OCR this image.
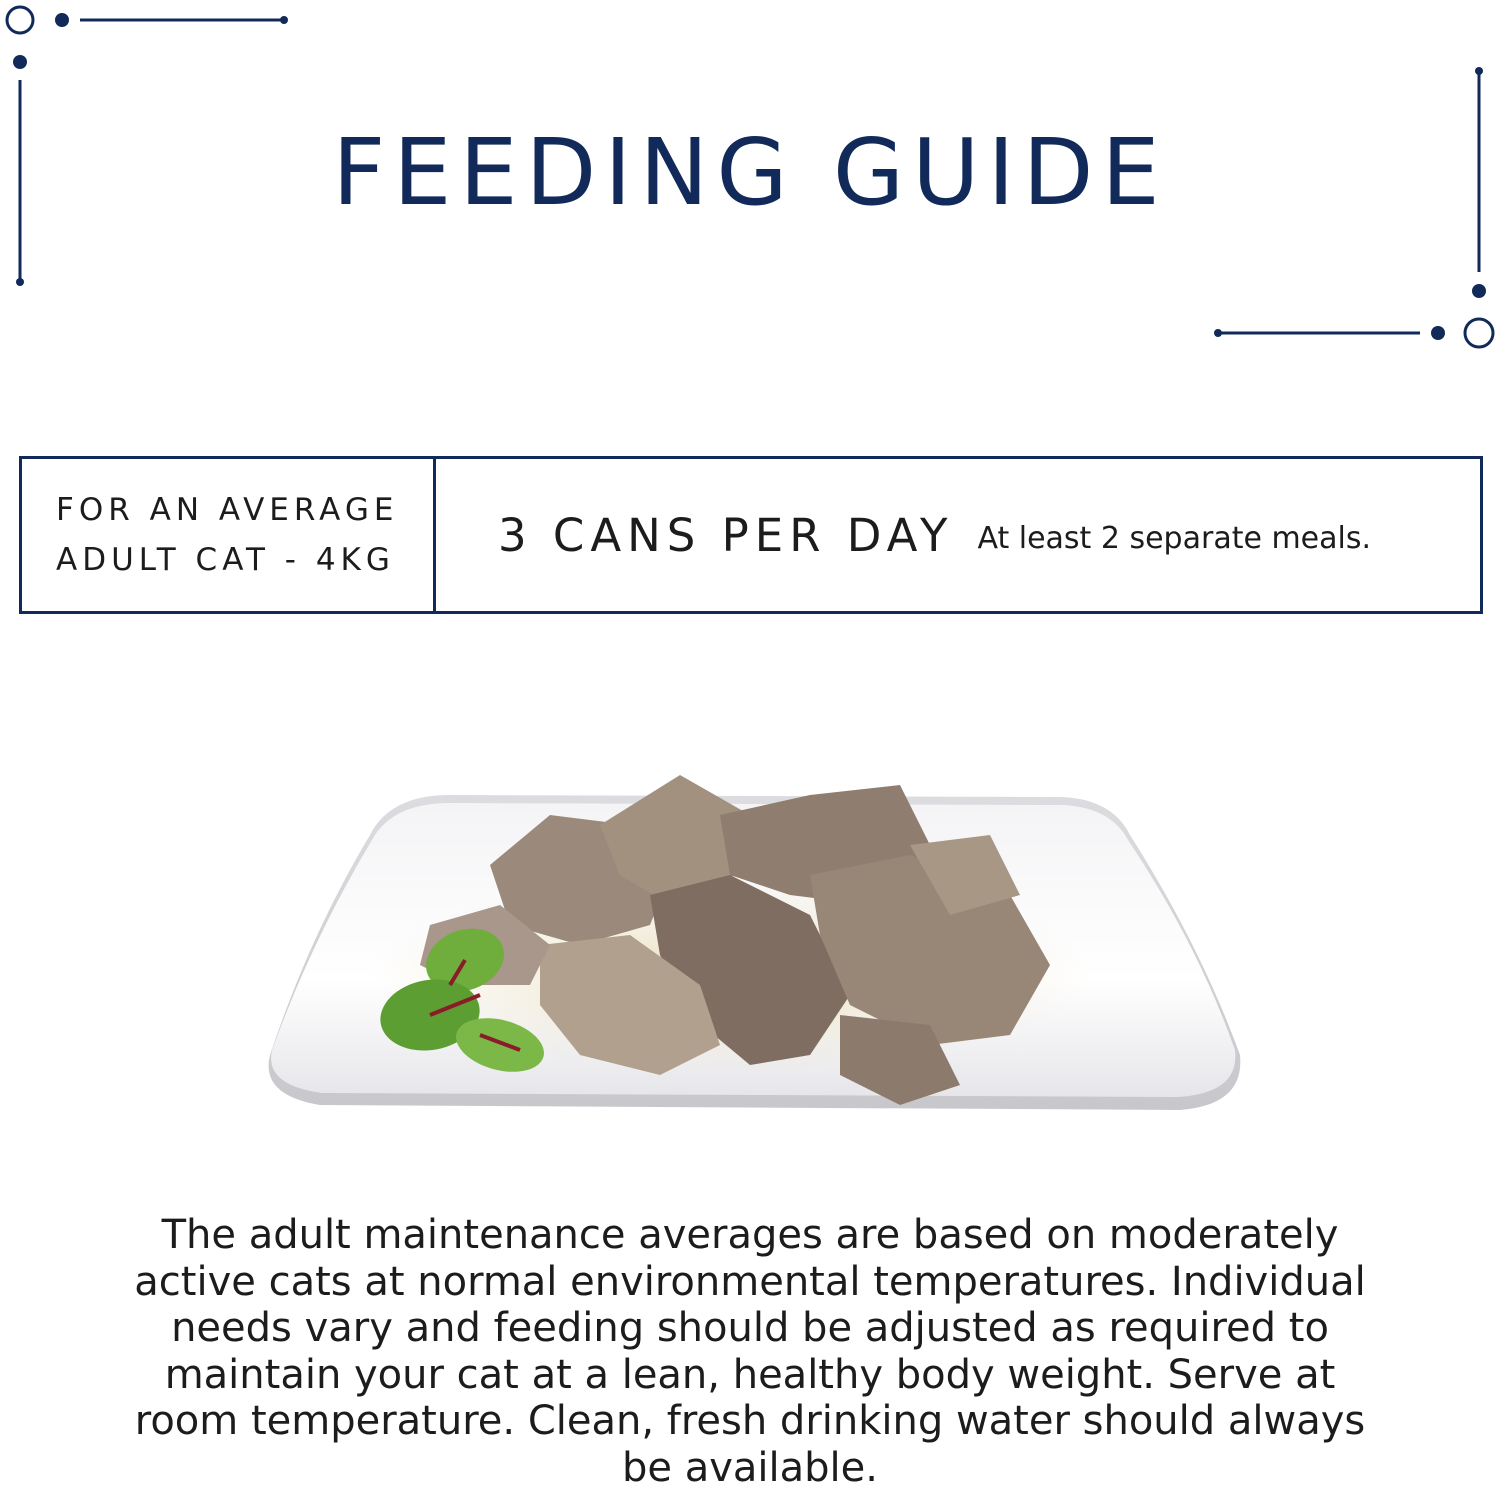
FEEDING GUIDE
FOR AN AVERAGE
ADULT CAT - 4KG	3 CANS PER DAY At least 2 separate meals.

The adult maintenance averages are based on moderately active cats at normal environmental temperatures. Individual needs vary and feeding should be adjusted as required to maintain your cat at a lean, healthy body weight. Serve at room temperature. Clean, fresh drinking water should always be available.
